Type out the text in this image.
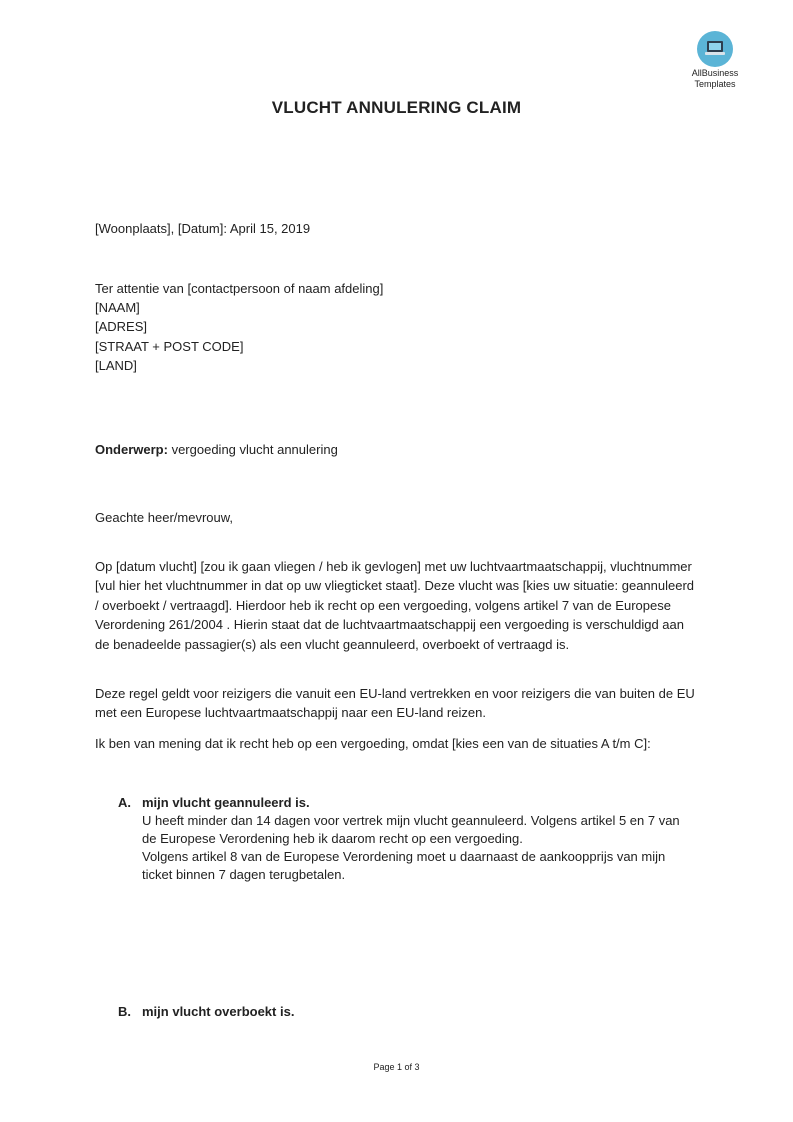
AllBusiness
Templates
VLUCHT ANNULERING CLAIM
[Woonplaats], [Datum]: April 15, 2019
Ter attentie van [contactpersoon of naam afdeling]
[NAAM]
[ADRES]
[STRAAT + POST CODE]
[LAND]
Onderwerp: vergoeding vlucht annulering
Geachte heer/mevrouw,

Op [datum vlucht] [zou ik gaan vliegen / heb ik gevlogen] met uw luchtvaartmaatschappij, vluchtnummer [vul hier het vluchtnummer in dat op uw vliegticket staat]. Deze vlucht was [kies uw situatie: geannuleerd / overboekt / vertraagd]. Hierdoor heb ik recht op een vergoeding, volgens artikel 7 van de Europese Verordening 261/2004 . Hierin staat dat de luchtvaartmaatschappij een vergoeding is verschuldigd aan de benadeelde passagier(s) als een vlucht geannuleerd, overboekt of vertraagd is.

Deze regel geldt voor reizigers die vanuit een EU-land vertrekken en voor reizigers die van buiten de EU met een Europese luchtvaartmaatschappij naar een EU-land reizen.

Ik ben van mening dat ik recht heb op een vergoeding, omdat [kies een van de situaties A t/m C]:

A. mijn vlucht geannuleerd is.
U heeft minder dan 14 dagen voor vertrek mijn vlucht geannuleerd. Volgens artikel 5 en 7 van
de Europese Verordening heb ik daarom recht op een vergoeding.
Volgens artikel 8 van de Europese Verordening moet u daarnaast de aankoopprijs van mijn
ticket binnen 7 dagen terugbetalen.
B. mijn vlucht overboekt is.
Page 1 of 3
